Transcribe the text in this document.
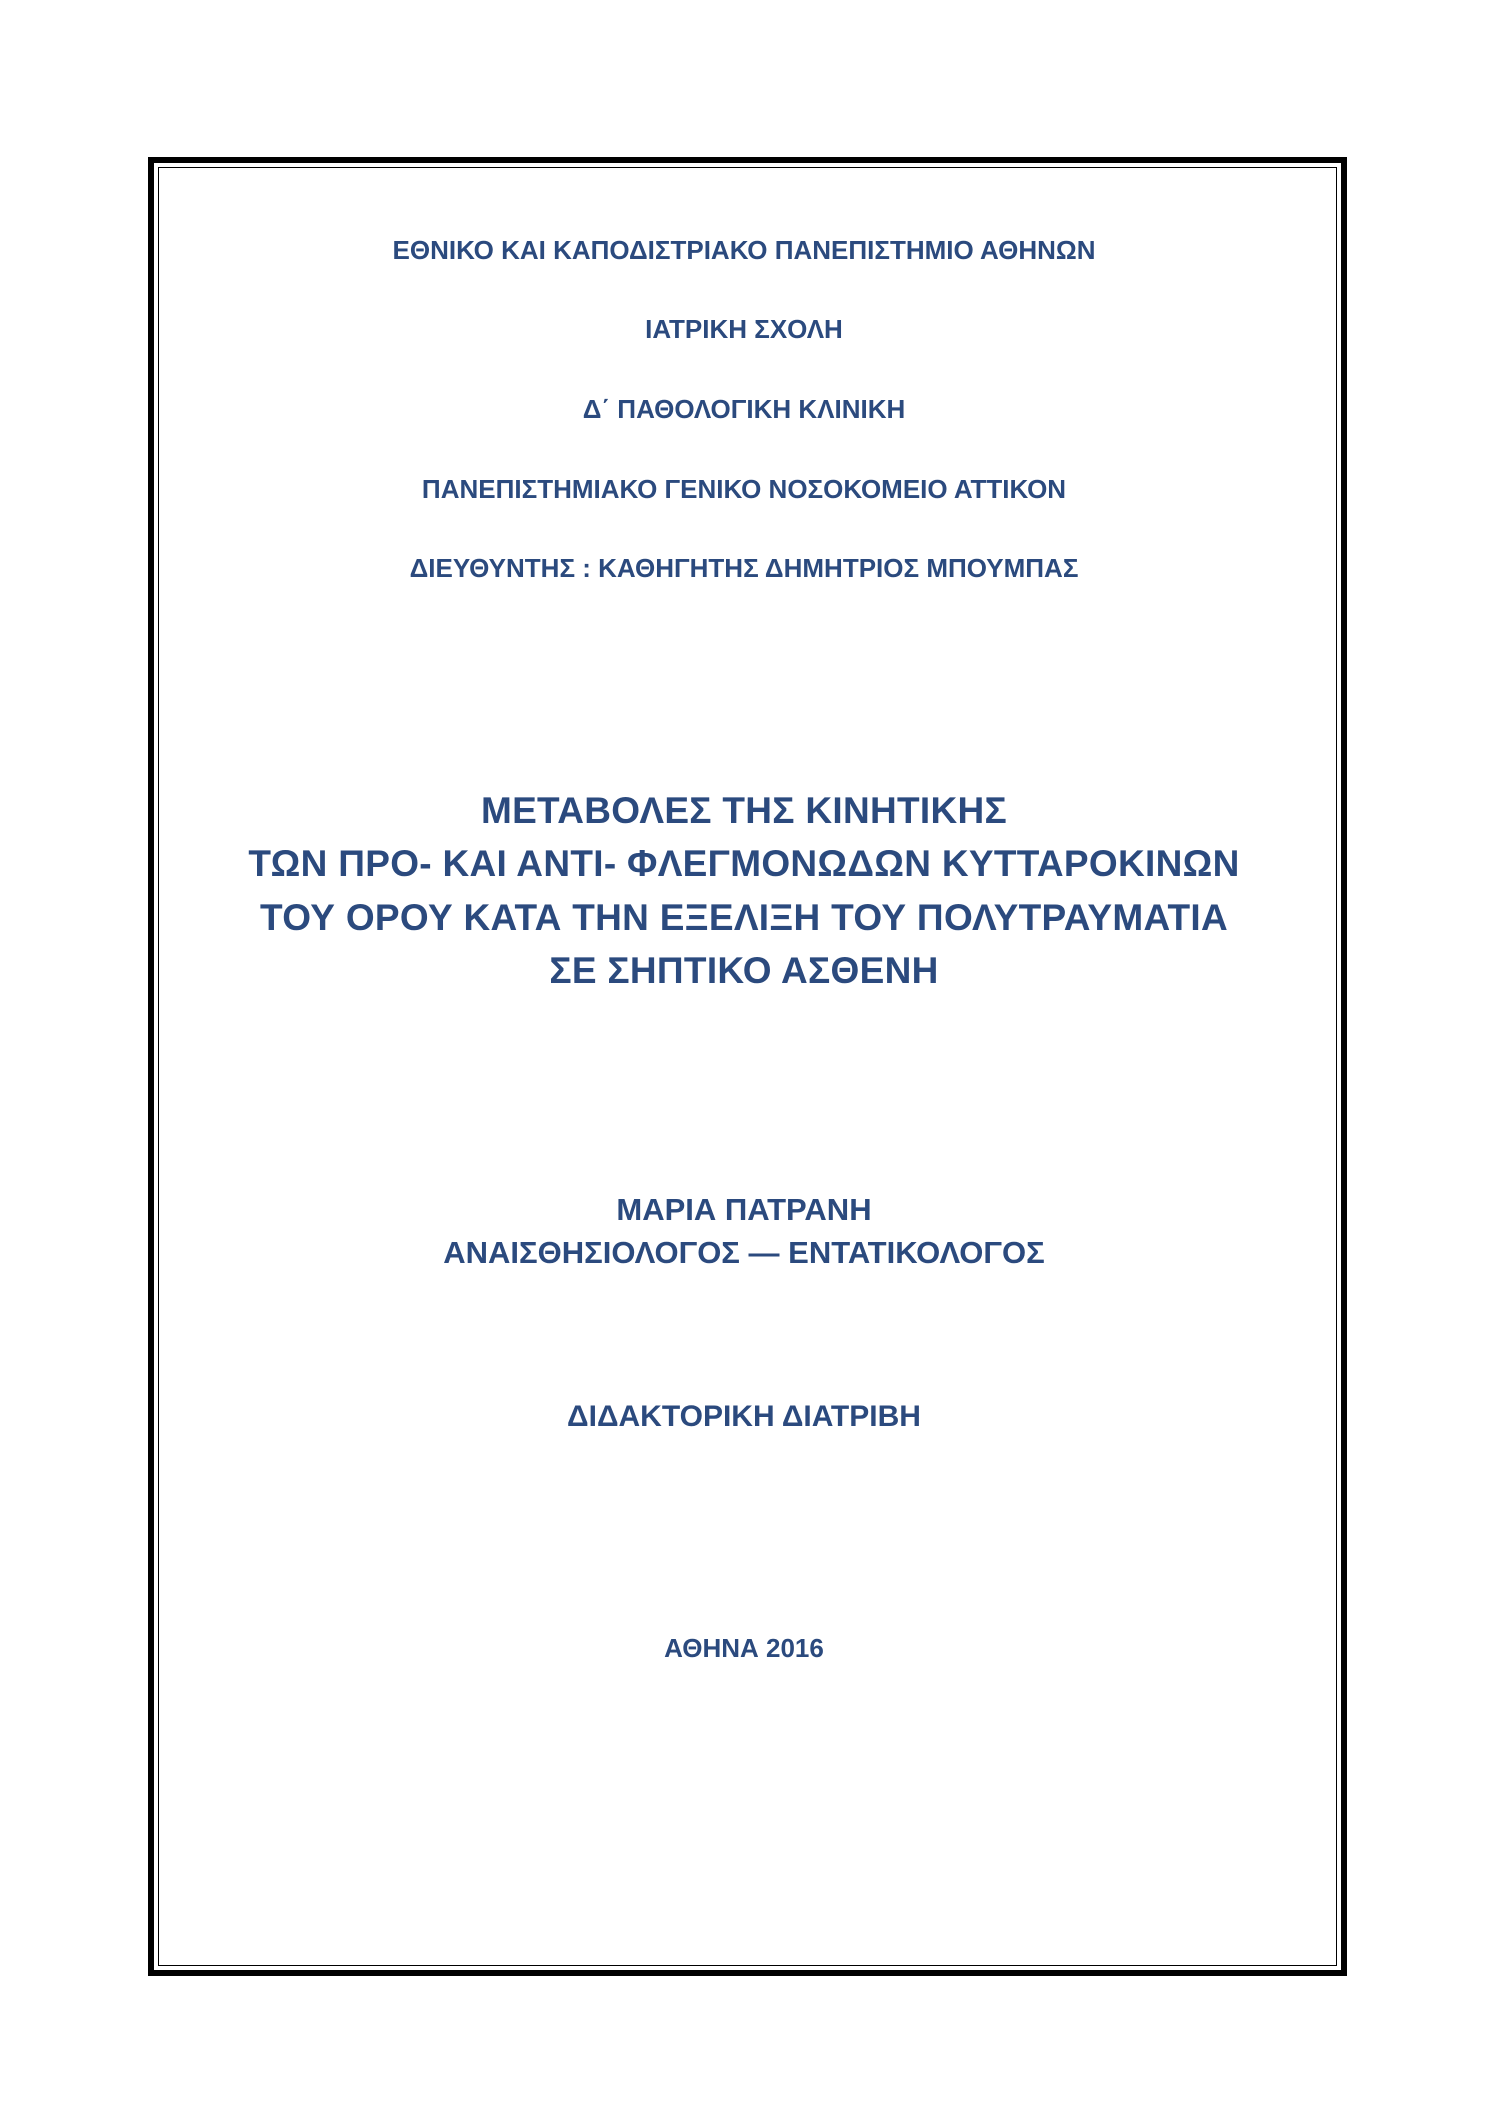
ΕΘΝΙΚΟ ΚΑΙ ΚΑΠΟΔΙΣΤΡΙΑΚΟ ΠΑΝΕΠΙΣΤΗΜΙΟ ΑΘΗΝΩΝ
ΙΑΤΡΙΚΗ ΣΧΟΛΗ
Δ΄ ΠΑΘΟΛΟΓΙΚΗ ΚΛΙΝΙΚΗ
ΠΑΝΕΠΙΣΤΗΜΙΑΚΟ ΓΕΝΙΚΟ ΝΟΣΟΚΟΜΕΙΟ ΑΤΤΙΚΟΝ
ΔΙΕΥΘΥΝΤΗΣ : ΚΑΘΗΓΗΤΗΣ ΔΗΜΗΤΡΙΟΣ ΜΠΟΥΜΠΑΣ
ΜΕΤΑΒΟΛΕΣ ΤΗΣ ΚΙΝΗΤΙΚΗΣ
ΤΩΝ ΠΡΟ- ΚΑΙ ΑΝΤΙ- ΦΛΕΓΜΟΝΩΔΩΝ ΚΥΤΤΑΡΟΚΙΝΩΝ
ΤΟΥ ΟΡΟΥ ΚΑΤΑ ΤΗΝ ΕΞΕΛΙΞΗ ΤΟΥ ΠΟΛΥΤΡΑΥΜΑΤΙΑ
ΣΕ ΣΗΠΤΙΚΟ ΑΣΘΕΝΗ
ΜΑΡΙΑ ΠΑΤΡΑΝΗ
ΑΝΑΙΣΘΗΣΙΟΛΟΓΟΣ — ΕΝΤΑΤΙΚΟΛΟΓΟΣ
ΔΙΔΑΚΤΟΡΙΚΗ ΔΙΑΤΡΙΒΗ
ΑΘΗΝΑ 2016
